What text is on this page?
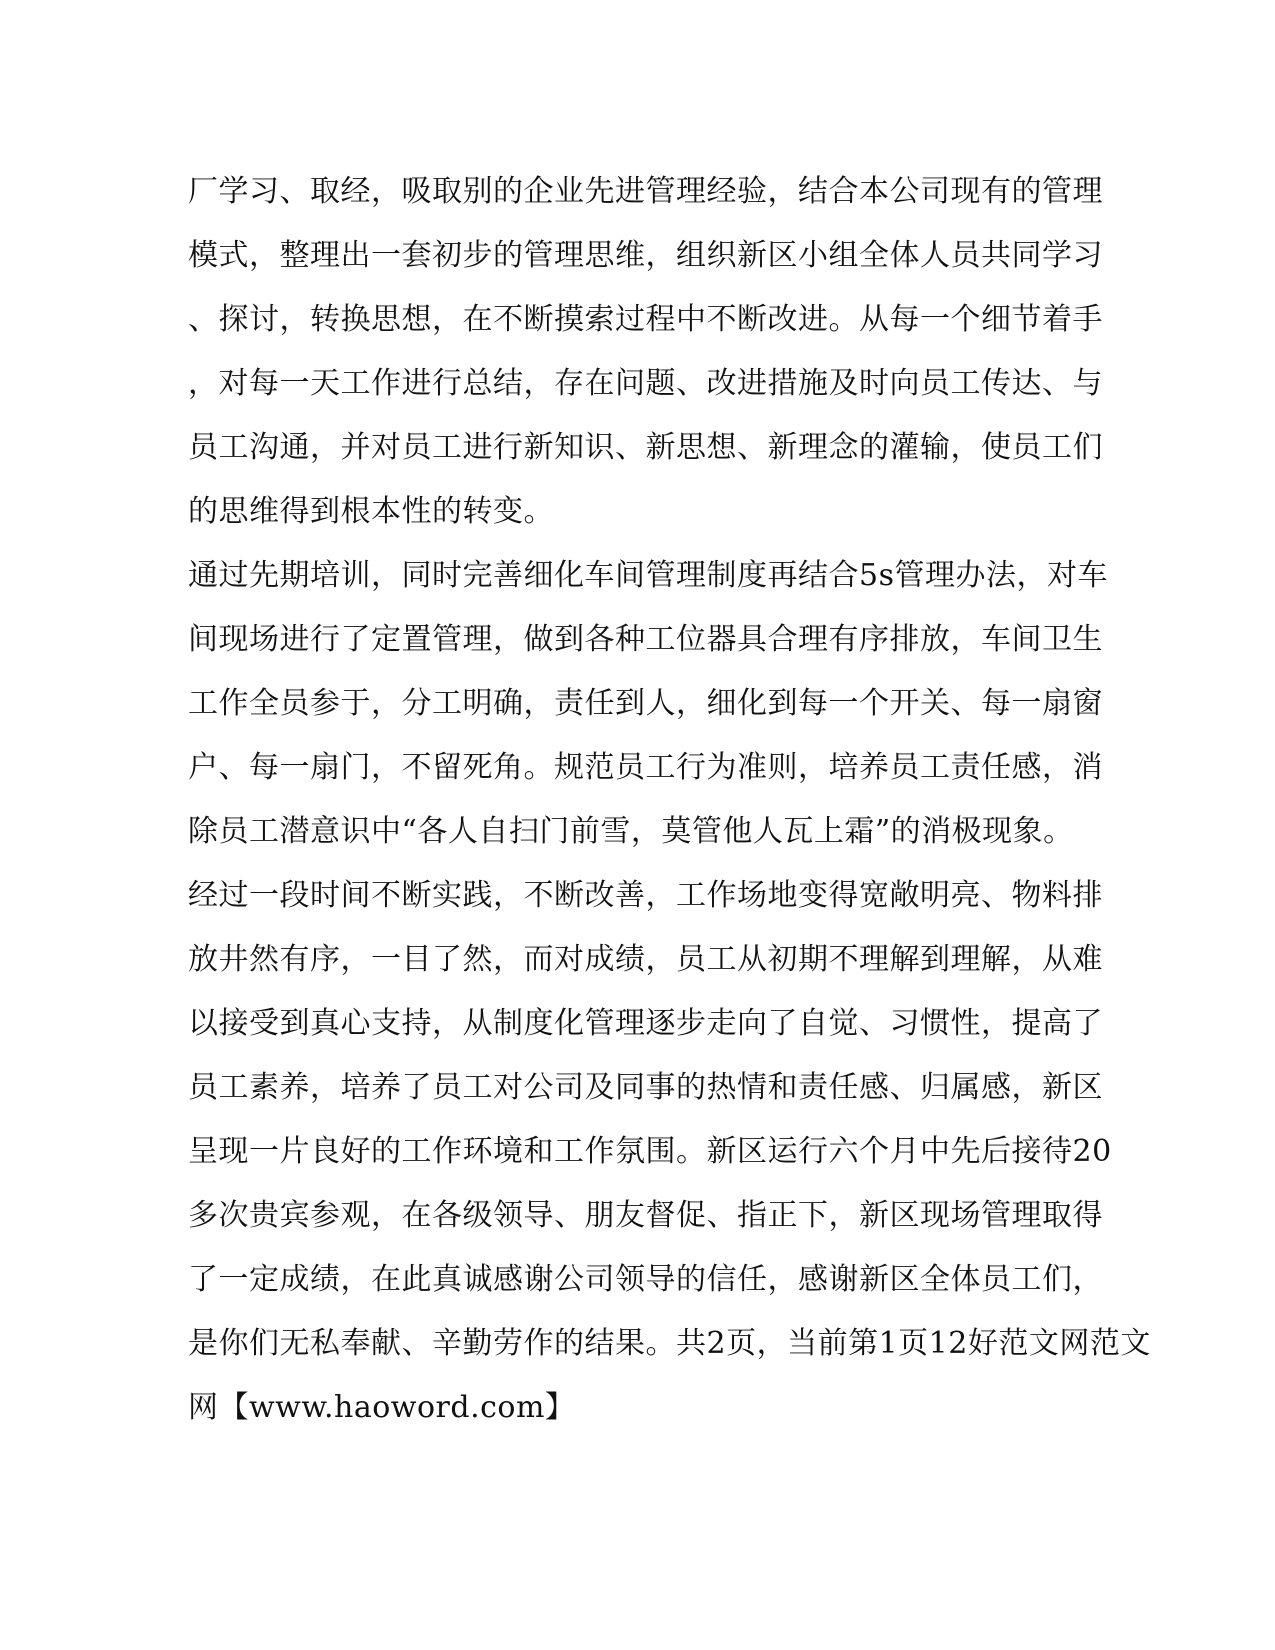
厂学习、取经，吸取别的企业先进管理经验，结合本公司现有的管理
模式，整理出一套初步的管理思维，组织新区小组全体人员共同学习
、探讨，转换思想，在不断摸索过程中不断改进。从每一个细节着手
，对每一天工作进行总结，存在问题、改进措施及时向员工传达、与
员工沟通，并对员工进行新知识、新思想、新理念的灌输，使员工们
的思维得到根本性的转变。
通过先期培训，同时完善细化车间管理制度再结合5s管理办法，对车
间现场进行了定置管理，做到各种工位器具合理有序排放，车间卫生
工作全员参于，分工明确，责任到人，细化到每一个开关、每一扇窗
户、每一扇门，不留死角。规范员工行为准则，培养员工责任感，消
除员工潜意识中“各人自扫门前雪，莫管他人瓦上霜”的消极现象。
经过一段时间不断实践，不断改善，工作场地变得宽敞明亮、物料排
放井然有序，一目了然，而对成绩，员工从初期不理解到理解，从难
以接受到真心支持，从制度化管理逐步走向了自觉、习惯性，提高了
员工素养，培养了员工对公司及同事的热情和责任感、归属感，新区
呈现一片良好的工作环境和工作氛围。新区运行六个月中先后接待20
多次贵宾参观，在各级领导、朋友督促、指正下，新区现场管理取得
了一定成绩，在此真诚感谢公司领导的信任，感谢新区全体员工们，
是你们无私奉献、辛勤劳作的结果。共2页，当前第1页12好范文网范文
网【www.haoword.com】
